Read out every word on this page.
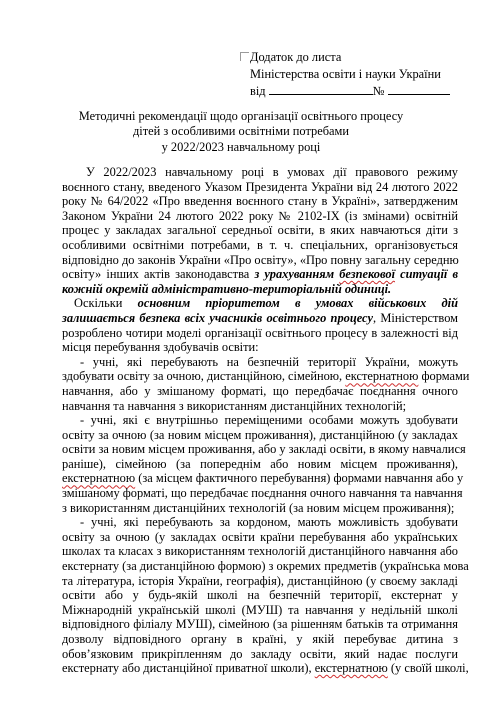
Додаток до листа
Міністерства освіти і науки України
від	№
Методичні рекомендації щодо організації освітнього процесу
дітей з особливими освітніми потребами
у 2022/2023 навчальному році
У 2022/2023 навчальному році в умовах дії правового режиму
воєнного стану, введеного Указом Президента України від 24 лютого 2022
року № 64/2022 «Про введення воєнного стану в Україні», затвердженим
Законом України 24 лютого 2022 року № 2102-IX (із змінами) освітній
процес у закладах загальної середньої освіти, в яких навчаються діти з
особливими освітніми потребами, в т. ч. спеціальних, організовується
відповідно до законів України «Про освіту», «Про повну загальну середню
освіту» інших актів законодавства з урахуванням безпекової ситуації в
кожній окремій адміністративно-територіальній одиниці.
Оскільки основним пріоритетом в умовах військових дій
залишається безпека всіх учасників освітнього процесу, Міністерством
розроблено чотири моделі організації освітнього процесу в залежності від
місця перебування здобувачів освіти:
- учні, які перебувають на безпечній території України, можуть
здобувати освіту за очною, дистанційною, сімейною, екстернатною формами
навчання, або у змішаному форматі, що передбачає поєднання очного
навчання та навчання з використанням дистанційних технологій;
- учні, які є внутрішньо переміщеними особами можуть здобувати
освіту за очною (за новим місцем проживання), дистанційною (у закладах
освіти за новим місцем проживання, або у закладі освіти, в якому навчалися
раніше), сімейною (за попереднім або новим місцем проживання),
екстернатною (за місцем фактичного перебування) формами навчання або у
змішаному форматі, що передбачає поєднання очного навчання та навчання
з використанням дистанційних технологій (за новим місцем проживання);
- учні, які перебувають за кордоном, мають можливість здобувати
освіту за очною (у закладах освіти країни перебування або українських
школах та класах з використанням технологій дистанційного навчання або
екстернату (за дистанційною формою) з окремих предметів (українська мова
та література, історія України, географія), дистанційною (у своєму закладі
освіти або у будь-якій школі на безпечній території, екстернат у
Міжнародній українській школі (МУШ) та навчання у недільній школі
відповідного філіалу МУШ), сімейною (за рішенням батьків та отримання
дозволу відповідного органу в країні, у якій перебуває дитина з
обов’язковим прикріпленням до закладу освіти, який надає послуги
екстернату або дистанційної приватної школи), екстернатною (у своїй школі,
